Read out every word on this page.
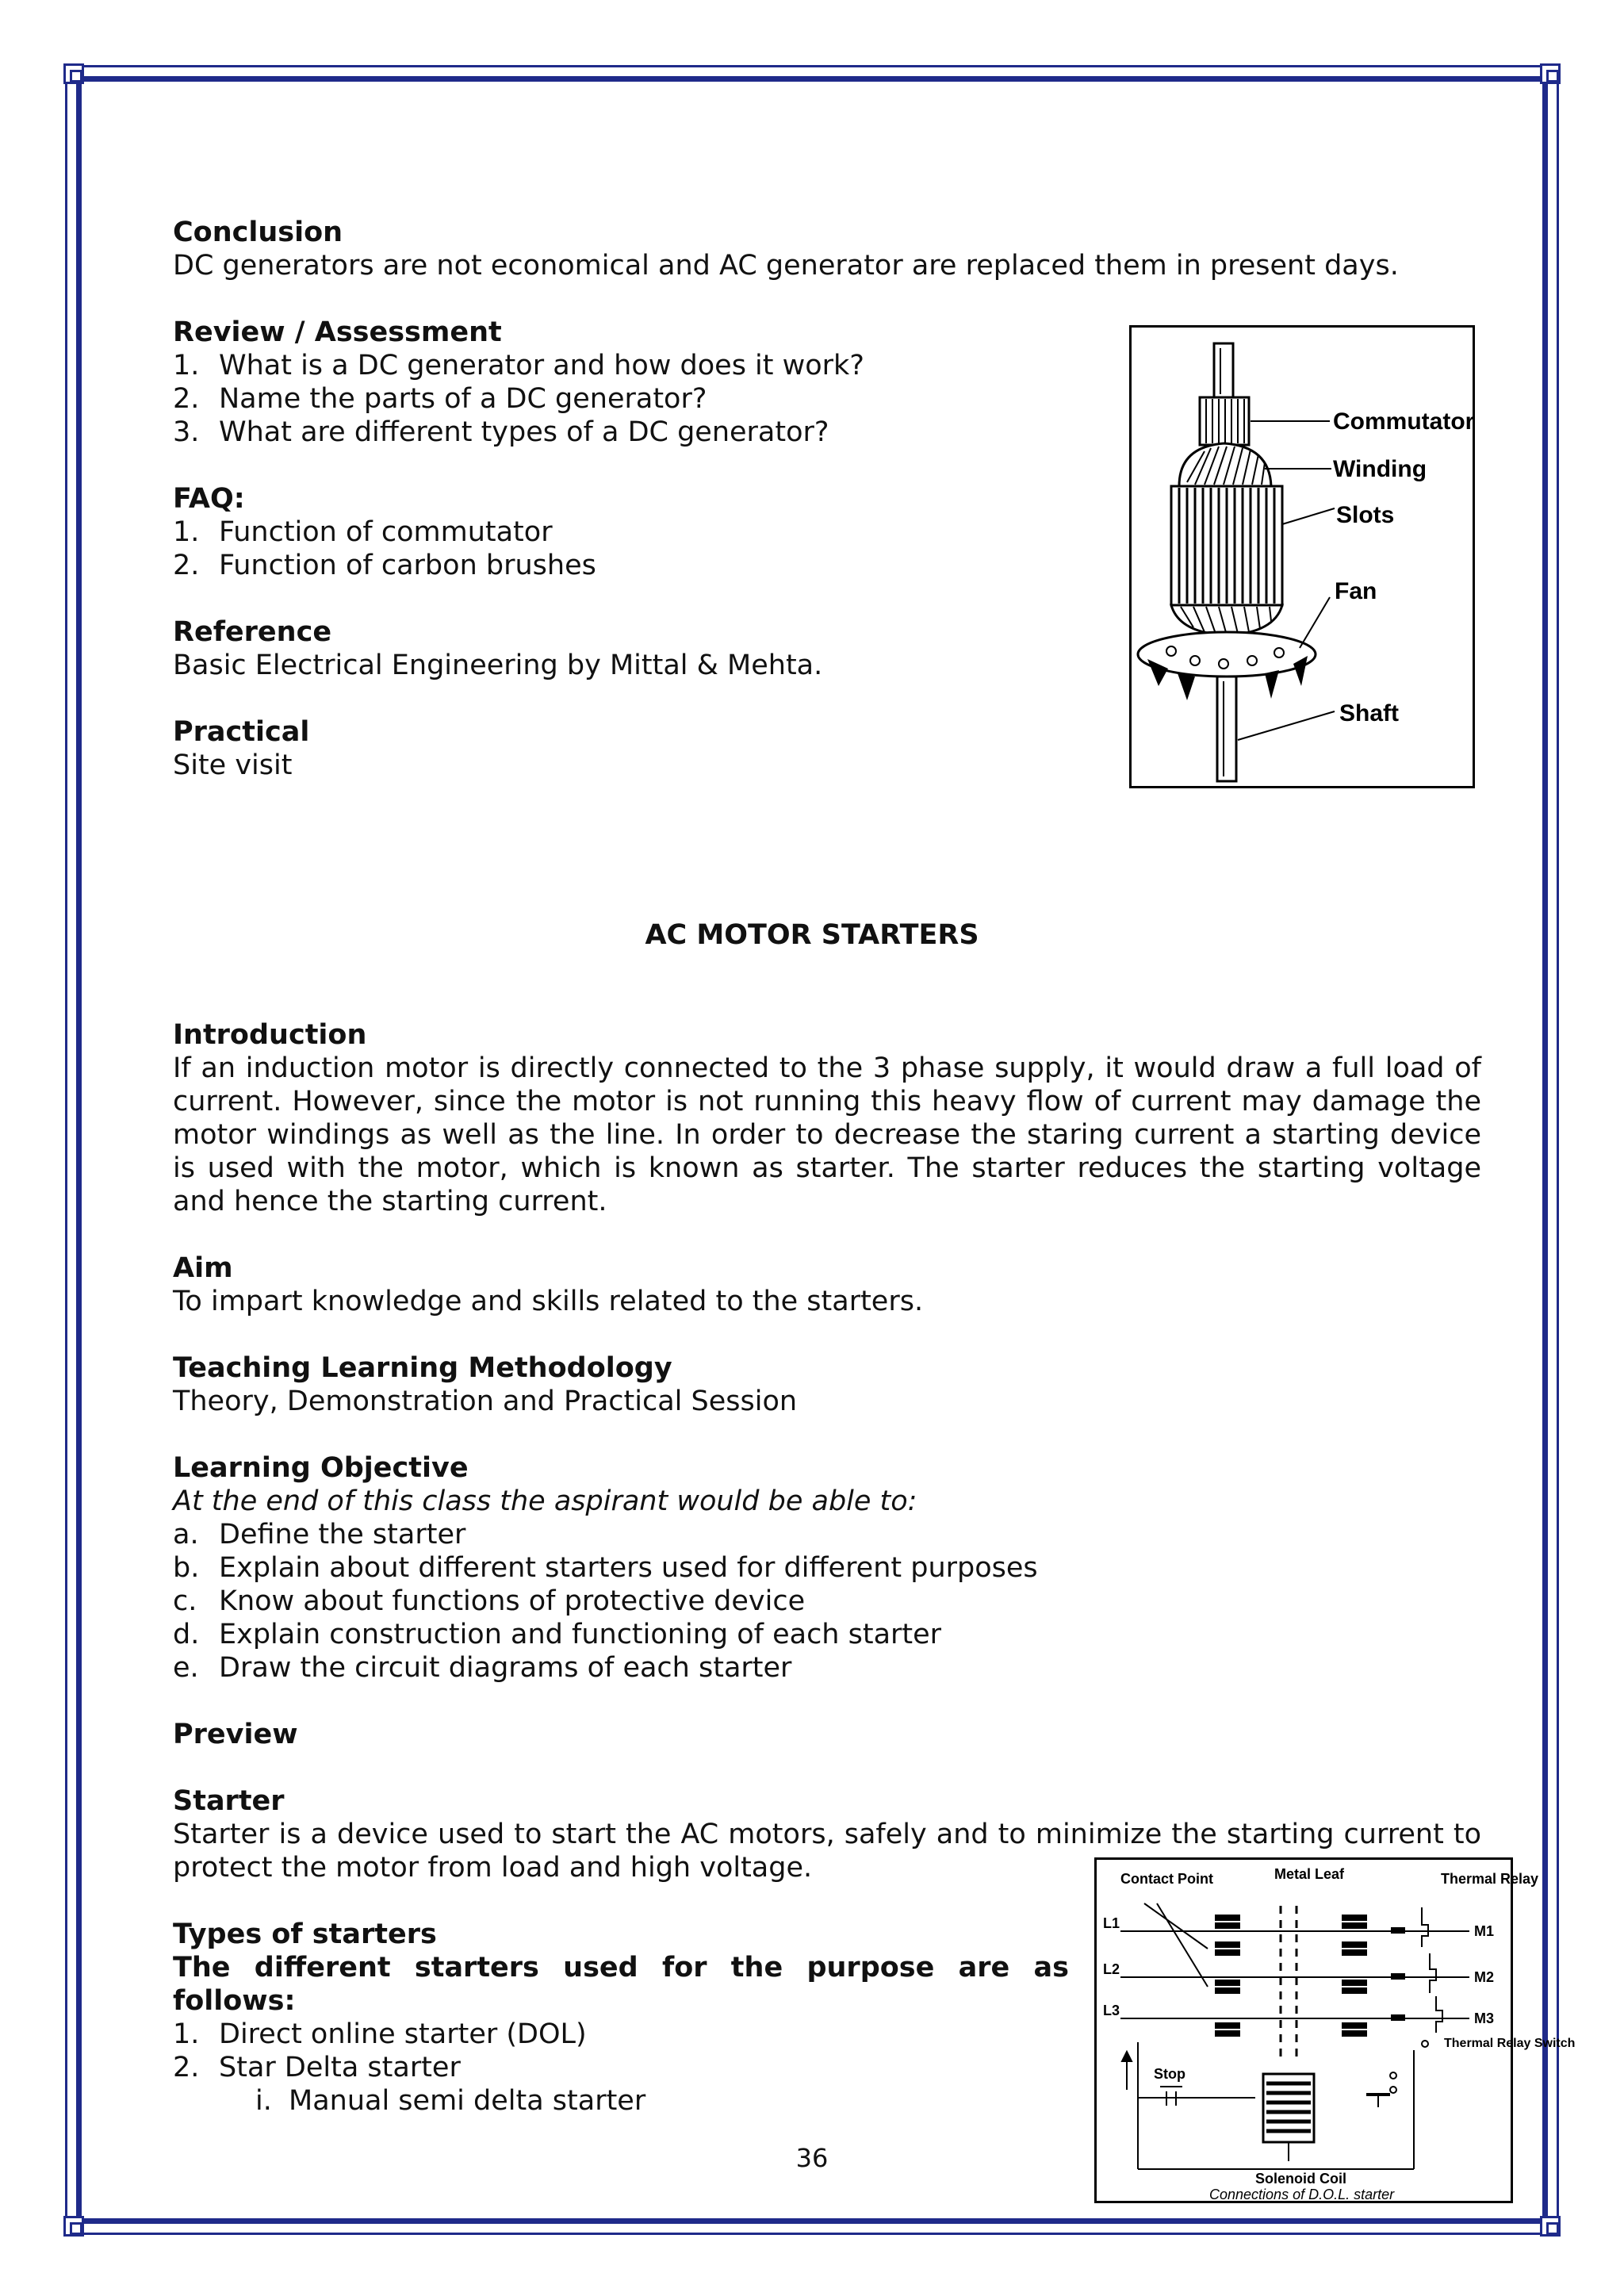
Conclusion

DC generators are not economical and AC generator are replaced them in present days.

Review / Assessment

1. What is a DC generator and how does it work?

2. Name the parts of a DC generator?

3. What are different types of a DC generator?

FAQ:

1. Function of commutator

2. Function of carbon brushes

Reference

Basic Electrical Engineering by Mittal & Mehta.

Practical

Site visit

Commutator
Winding
Slots
Fan
Shaft

AC MOTOR STARTERS

Introduction

If an induction motor is directly connected to the 3 phase supply, it would draw a full load of current. However, since the motor is not running this heavy flow of current may damage the motor windings as well as the line. In order to decrease the staring current a starting device is used with the motor, which is known as starter. The starter reduces the starting voltage and hence the starting current.

Aim

To impart knowledge and skills related to the starters.

Teaching Learning Methodology

Theory, Demonstration and Practical Session

Learning Objective

At the end of this class the aspirant would be able to:

a. Define the starter

b. Explain about different starters used for different purposes

c. Know about functions of protective device

d. Explain construction and functioning of each starter

e. Draw the circuit diagrams of each starter

Preview

Starter

Starter is a device used to start the AC motors, safely and to minimize the starting current to protect the motor from load and high voltage.

Types of starters

The different starters used for the purpose are as follows:

1. Direct online starter (DOL)

2. Star Delta starter

i. Manual semi delta starter

36

Contact Point	Metal Leaf	Thermal Relay
L1
L2
L3
M1
M2
M3
Thermal Relay Switch
Stop
Solenoid Coil
Connections of D.O.L. starter
